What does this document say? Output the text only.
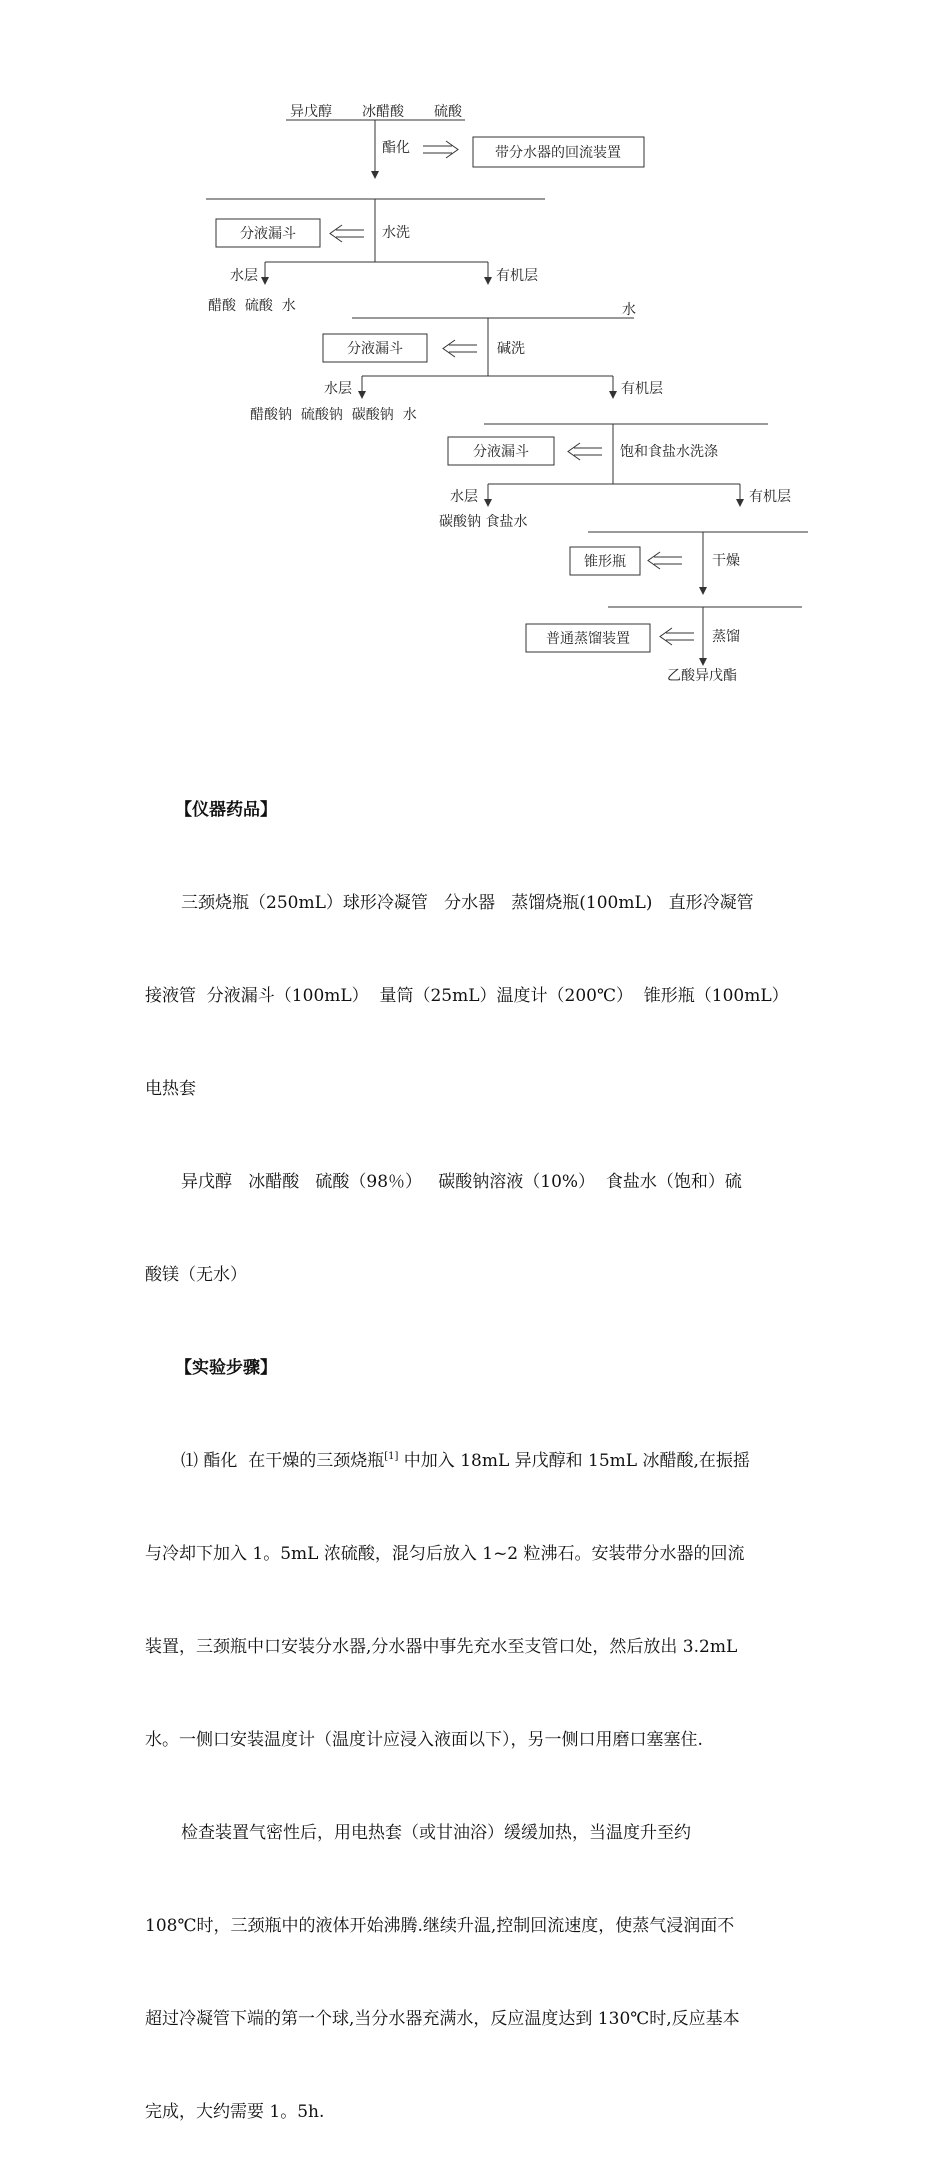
异戊醇 冰醋酸 硫酸
酯化	带分水器的回流装置
分液漏斗	水洗
水层	有机层
醋酸  硫酸  水	水
分液漏斗	碱洗
水层	有机层
醋酸钠  硫酸钠  碳酸钠  水
分液漏斗	饱和食盐水洗涤
水层	有机层
碳酸钠 食盐水
锥形瓶	干燥
普通蒸馏装置	蒸馏
乙酸异戊酯

【仪器药品】

三颈烧瓶（250mL）球形冷凝管   分水器   蒸馏烧瓶(100mL)   直形冷凝管

接液管  分液漏斗（100mL）  量筒（25mL）温度计（200℃）  锥形瓶（100mL）

电热套

异戊醇   冰醋酸   硫酸（98％）   碳酸钠溶液（10%）  食盐水（饱和）硫

酸镁（无水）

【实验步骤】

⑴ 酯化  在干燥的三颈烧瓶[1] 中加入 18mL 异戊醇和 15mL 冰醋酸,在振摇

与冷却下加入 1。5mL 浓硫酸，混匀后放入 1~2 粒沸石。安装带分水器的回流

装置，三颈瓶中口安装分水器,分水器中事先充水至支管口处，然后放出 3.2mL

水。一侧口安装温度计（温度计应浸入液面以下），另一侧口用磨口塞塞住.

检查装置气密性后，用电热套（或甘油浴）缓缓加热，当温度升至约

108℃时，三颈瓶中的液体开始沸腾.继续升温,控制回流速度，使蒸气浸润面不

超过冷凝管下端的第一个球,当分水器充满水，反应温度达到 130℃时,反应基本

完成，大约需要 1。5h.
